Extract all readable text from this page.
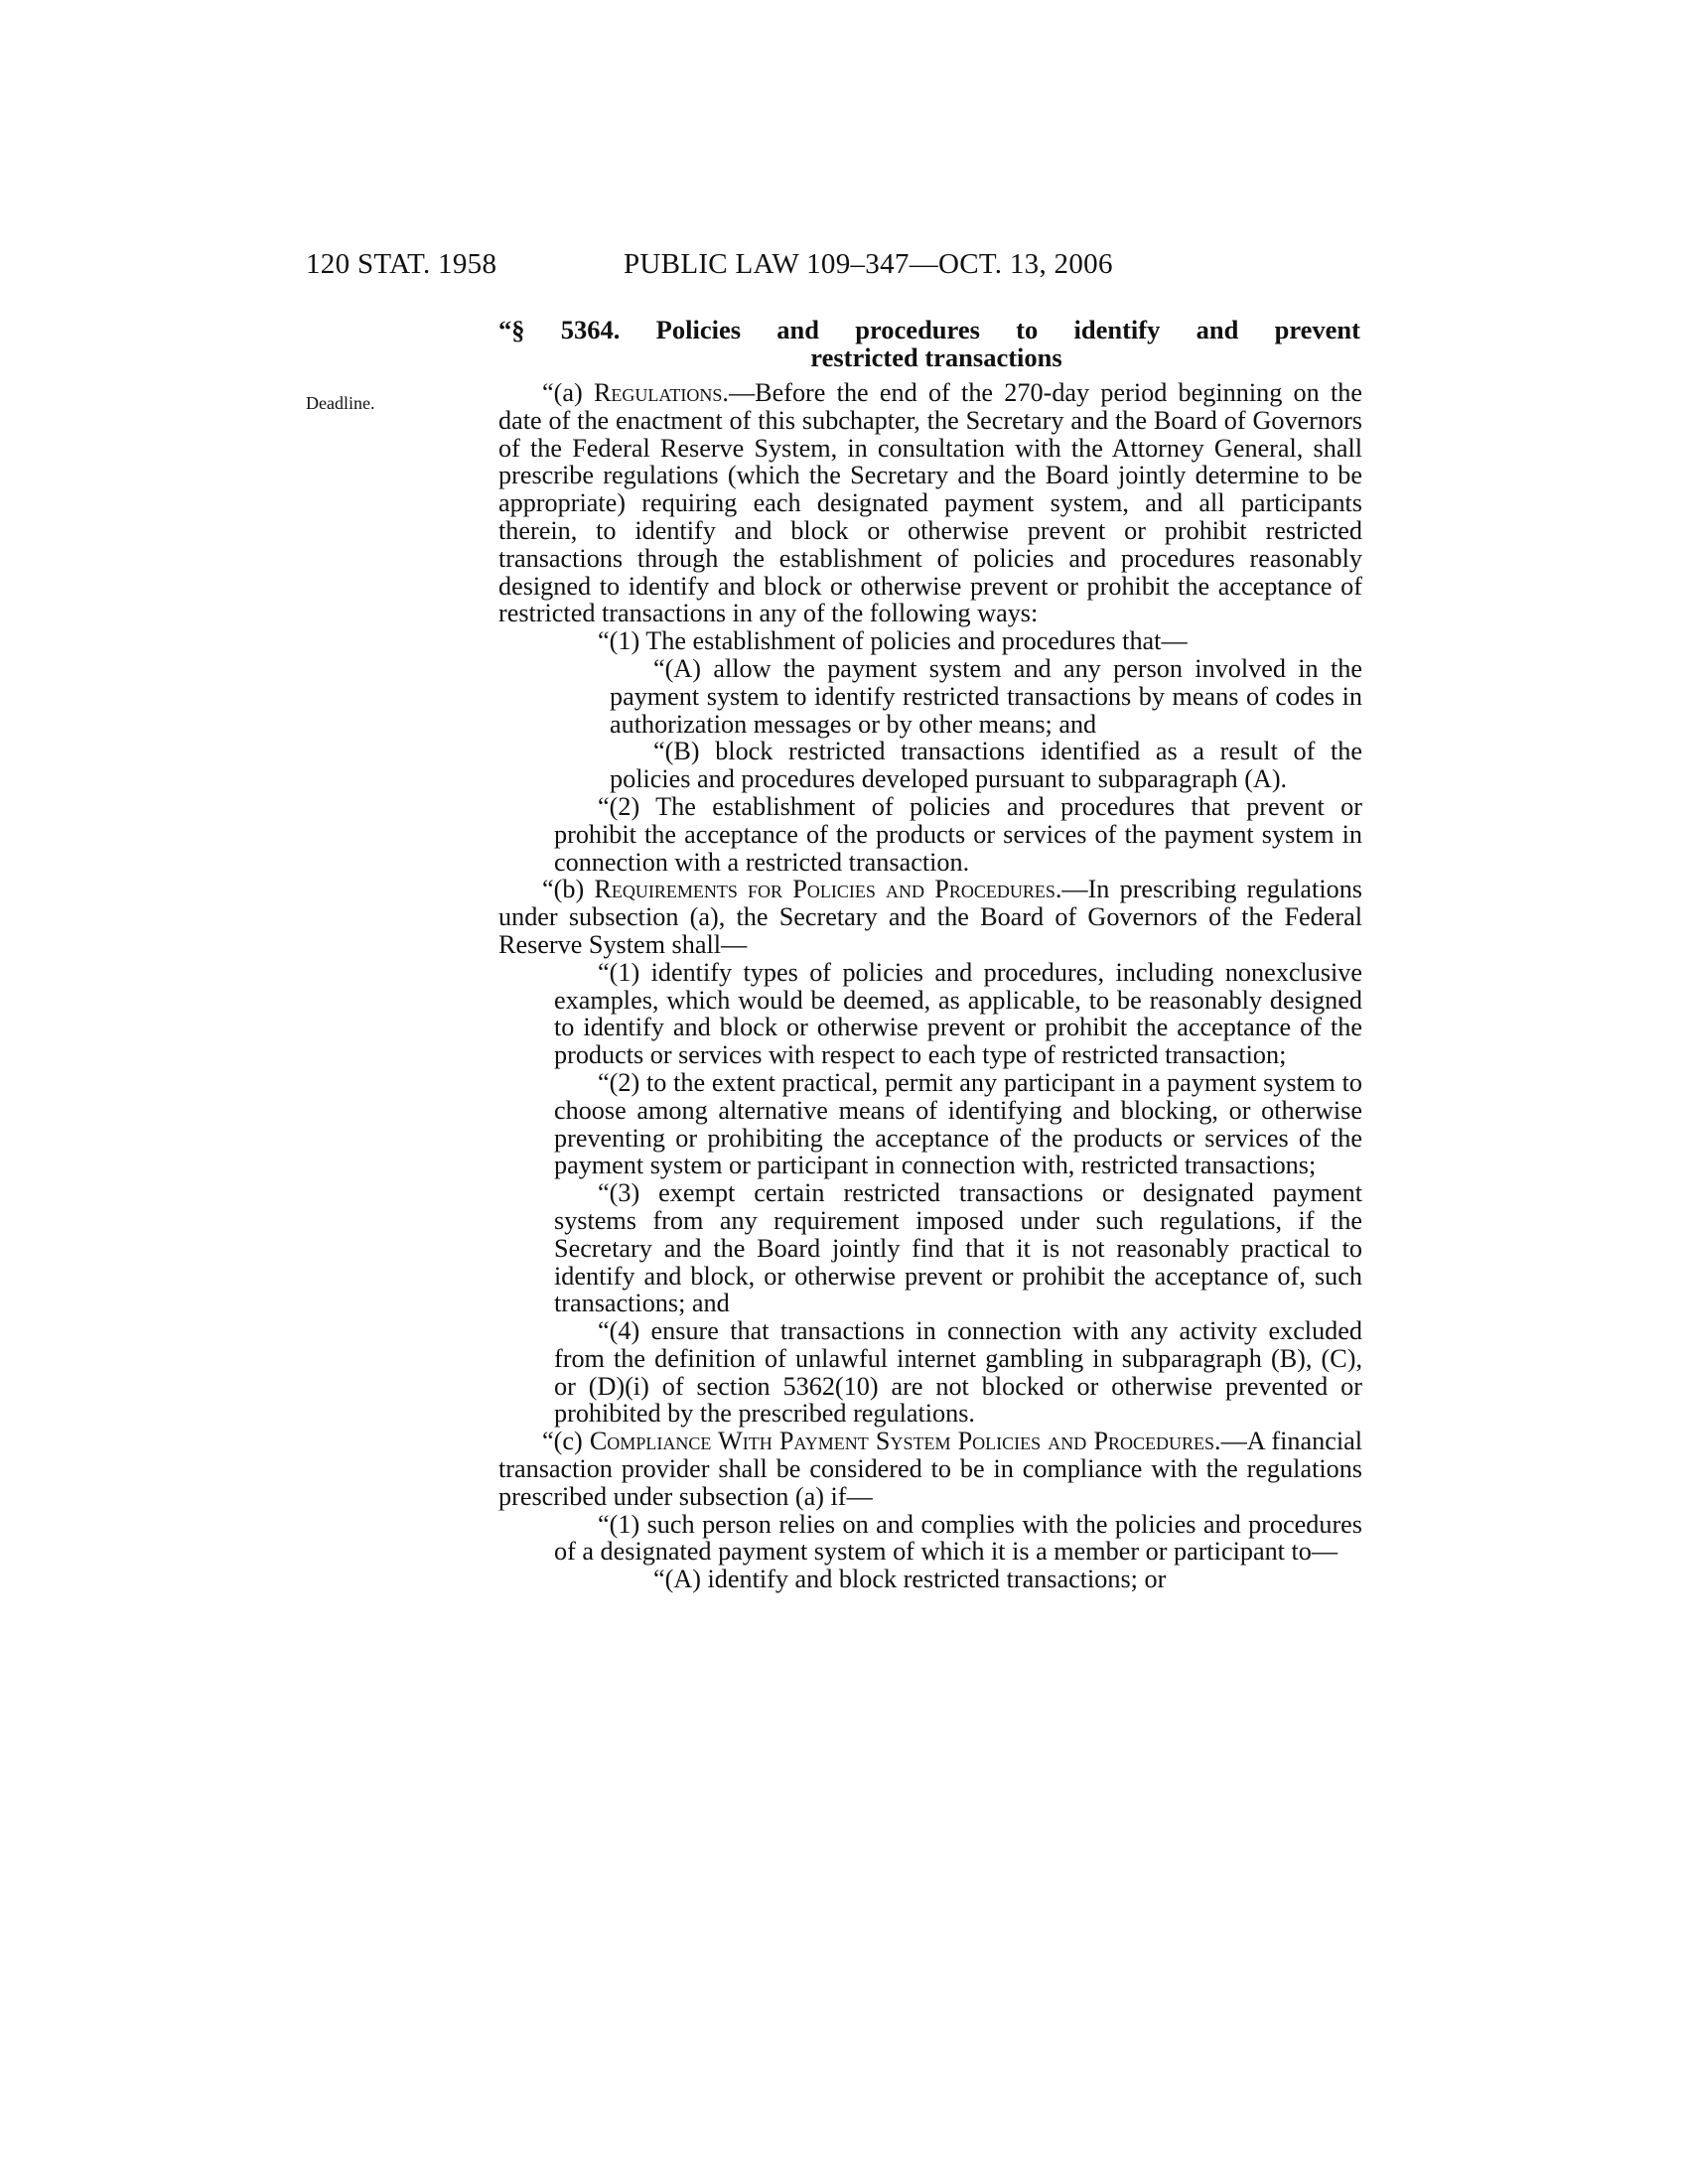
120 STAT. 1958	PUBLIC LAW 109–347—OCT. 13, 2006
“§ 5364. Policies and procedures to identify and prevent
restricted transactions
Deadline.	“(a) Regulations.—Before the end of the 270-day period beginning on the date of the enactment of this subchapter, the Secretary and the Board of Governors of the Federal Reserve System, in consultation with the Attorney General, shall prescribe regulations (which the Secretary and the Board jointly determine to be appropriate) requiring each designated payment system, and all participants therein, to identify and block or otherwise prevent or prohibit restricted transactions through the establishment of policies and procedures reasonably designed to identify and block or otherwise prevent or prohibit the acceptance of restricted transactions in any of the following ways:

“(1) The establishment of policies and procedures that—

“(A) allow the payment system and any person involved in the payment system to identify restricted transactions by means of codes in authorization messages or by other means; and

“(B) block restricted transactions identified as a result of the policies and procedures developed pursuant to subparagraph (A).

“(2) The establishment of policies and procedures that prevent or prohibit the acceptance of the products or services of the payment system in connection with a restricted transaction.

“(b) Requirements for Policies and Procedures.—In prescribing regulations under subsection (a), the Secretary and the Board of Governors of the Federal Reserve System shall—

“(1) identify types of policies and procedures, including nonexclusive examples, which would be deemed, as applicable, to be reasonably designed to identify and block or otherwise prevent or prohibit the acceptance of the products or services with respect to each type of restricted transaction;

“(2) to the extent practical, permit any participant in a payment system to choose among alternative means of identifying and blocking, or otherwise preventing or prohibiting the acceptance of the products or services of the payment system or participant in connection with, restricted transactions;

“(3) exempt certain restricted transactions or designated payment systems from any requirement imposed under such regulations, if the Secretary and the Board jointly find that it is not reasonably practical to identify and block, or otherwise prevent or prohibit the acceptance of, such transactions; and

“(4) ensure that transactions in connection with any activity excluded from the definition of unlawful internet gambling in subparagraph (B), (C), or (D)(i) of section 5362(10) are not blocked or otherwise prevented or prohibited by the prescribed regulations.

“(c) Compliance With Payment System Policies and Procedures.—A financial transaction provider shall be considered to be in compliance with the regulations prescribed under subsection (a) if—

“(1) such person relies on and complies with the policies and procedures of a designated payment system of which it is a member or participant to—

“(A) identify and block restricted transactions; or
